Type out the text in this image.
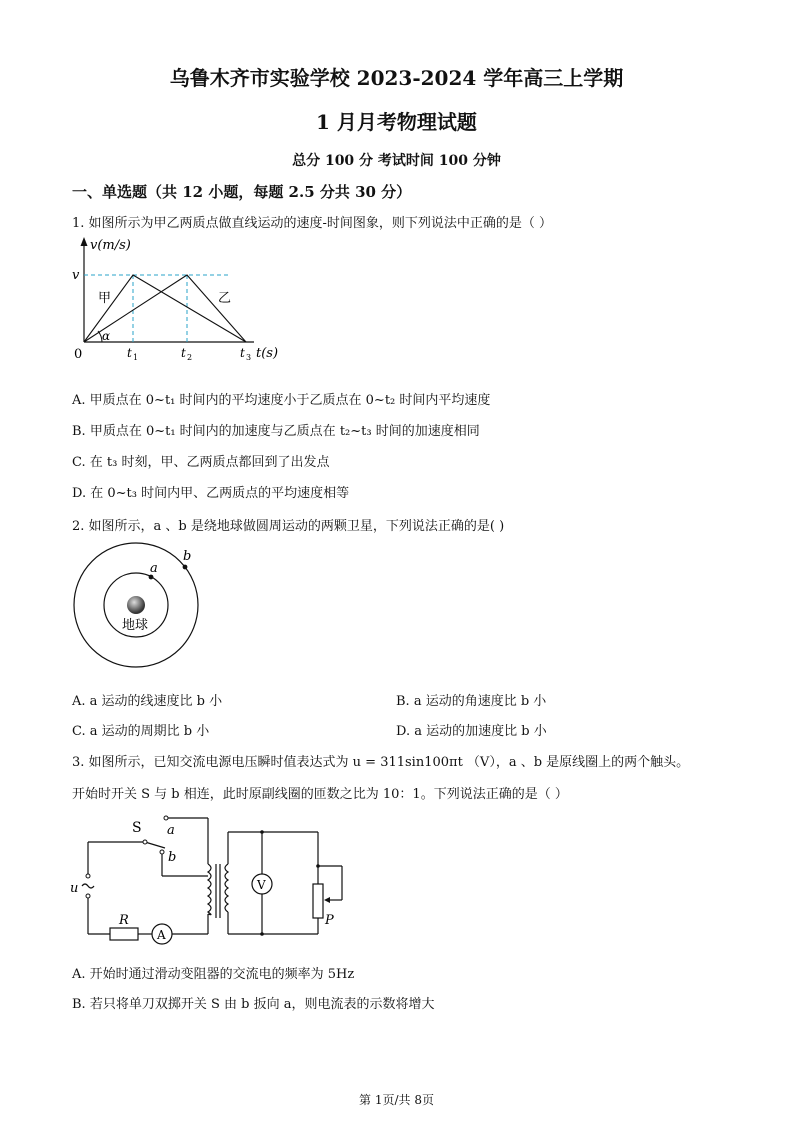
乌鲁木齐市实验学校 2023-2024 学年高三上学期
1 月月考物理试题
总分 100 分 考试时间 100 分钟
一、单选题（共 12 小题，每题 2.5 分共 30 分）
1. 如图所示为甲乙两质点做直线运动的速度-时间图象，则下列说法中正确的是（ ）
v(m/s)
v
0
甲	乙
α
t 1	t 2	t 3 t(s)
A. 甲质点在 0~t₁ 时间内的平均速度小于乙质点在 0~t₂ 时间内平均速度
B. 甲质点在 0~t₁ 时间内的加速度与乙质点在 t₂~t₃ 时间的加速度相同
C. 在 t₃ 时刻，甲、乙两质点都回到了出发点
D. 在 0~t₃ 时间内甲、乙两质点的平均速度相等
2. 如图所示，a 、b 是绕地球做圆周运动的两颗卫星，下列说法正确的是( )
a
b
地球
A. a 运动的线速度比 b 小	B. a 运动的角速度比 b 小
C. a 运动的周期比 b 小	D. a 运动的加速度比 b 小
3. 如图所示，已知交流电源电压瞬时值表达式为 u = 311sin100πt （V），a 、b 是原线圈上的两个触头。
开始时开关 S 与 b 相连，此时原副线圈的匝数之比为 10：1。下列说法正确的是（ ）
S a
b
u
R
A
V
P
A. 开始时通过滑动变阻器的交流电的频率为 5Hz
B. 若只将单刀双掷开关 S 由 b 扳向 a，则电流表的示数将增大
第 1页/共 8页
